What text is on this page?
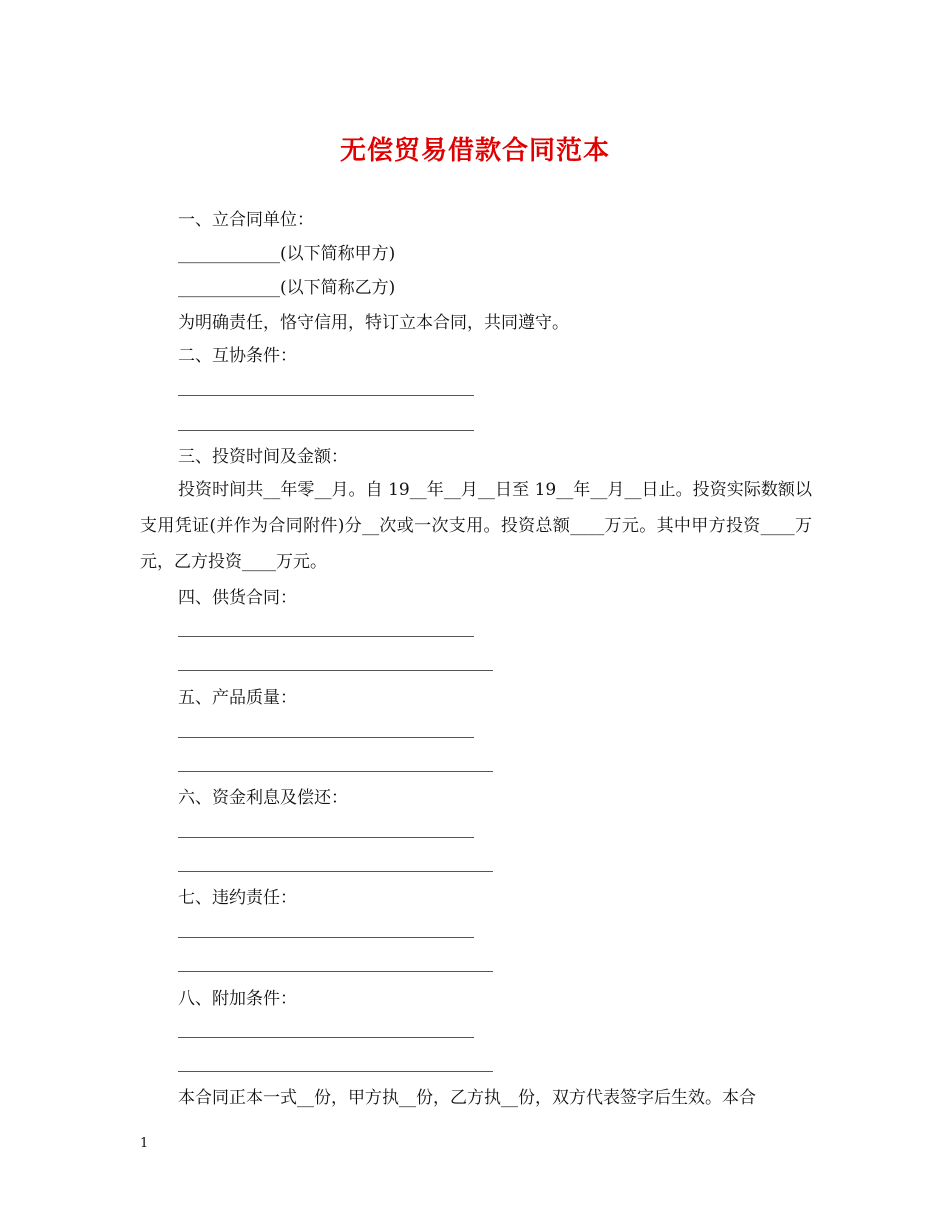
无偿贸易借款合同范本
一、立合同单位：
____________(以下简称甲方)
____________(以下简称乙方)
为明确责任，恪守信用，特订立本合同，共同遵守。
二、互协条件：
三、投资时间及金额：
投资时间共__年零__月。自 19__年__月__日至 19__年__月__日止。投资实际数额以支用凭证(并作为合同附件)分__次或一次支用。投资总额____万元。其中甲方投资____万元，乙方投资____万元。
四、供货合同：
五、产品质量：
六、资金利息及偿还：
七、违约责任：
八、附加条件：
本合同正本一式__份，甲方执__份，乙方执__份，双方代表签字后生效。本合
1
